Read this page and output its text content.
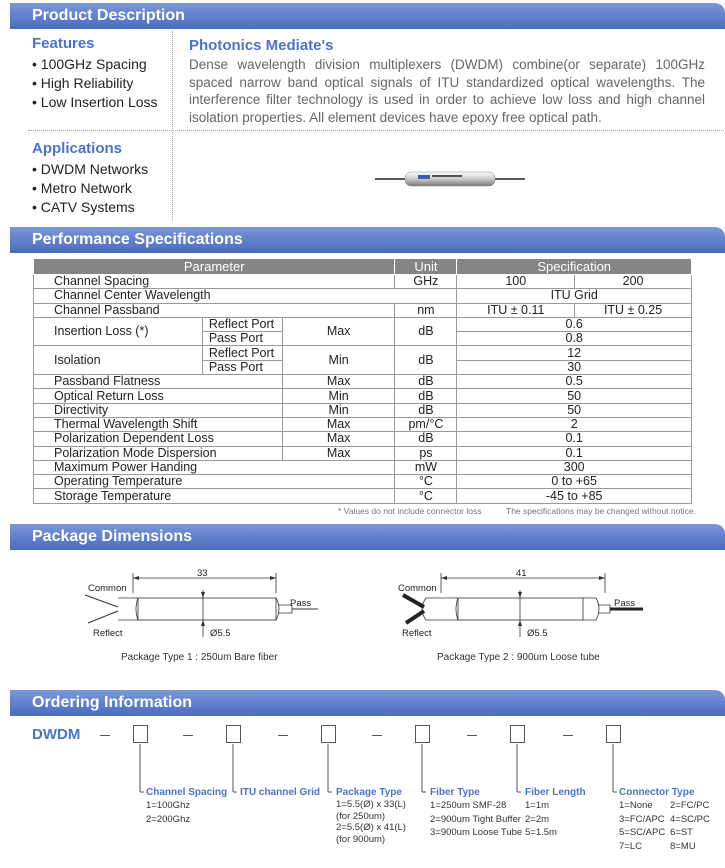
Product Description
Features
• 100GHz Spacing
• High Reliability
• Low Insertion Loss
Photonics Mediate's
Dense wavelength division multiplexers (DWDM) combine(or separate) 100GHz spaced narrow band optical signals of ITU standardized optical wavelengths. The interference filter technology is used in order to achieve low loss and high channel isolation properties. All element devices have epoxy free optical path.
Applications
• DWDM Networks
• Metro Network
• CATV Systems
Performance Specifications
Parameter			Unit	Specification	
Channel Spacing			GHz	100	200
Channel Center Wavelength				ITU Grid	
Channel Passband			nm	ITU ± 0.11	ITU ± 0.25
Insertion Loss (*)	Reflect Port	Max	dB	0.6	
	Pass Port			0.8	
Isolation	Reflect Port	Min	dB	12	
	Pass Port			30	
Passband Flatness		Max	dB	0.5	
Optical Return Loss		Min	dB	50	
Directivity		Min	dB	50	
Thermal Wavelength Shift		Max	pm/°C	2	
Polarization Dependent Loss		Max	dB	0.1	
Polarization Mode Dispersion		Max	ps	0.1	
Maximum Power Handing			mW	300	
Operating Temperature			°C	0 to +65	
Storage Temperature			°C	-45 to +85	
* Values do not include connector loss	The specifications may be changed without notice.
Package Dimensions
Common
Reflect
Pass
33
Ø5.5
Package Type 1 : 250um Bare fiber
Common
Reflect
Pass
41
Ø5.5
Package Type 2 : 900um Loose tube
Ordering Information
DWDM
Channel Spacing
1=100Ghz
2=200Ghz
ITU channel Grid Package Type
1=5.5(Ø) x 33(L)
(for 250um)
2=5.5(Ø) x 41(L)
(for 900um)
Fiber Type
1=250um SMF-28
2=900um Tight Buffer
3=900um Loose Tube
Fiber Length
1=1m
2=2m
5=1.5m
Connector Type
1=None
3=FC/APC
5=SC/APC
7=LC
2=FC/PC
4=SC/PC
6=ST
8=MU
